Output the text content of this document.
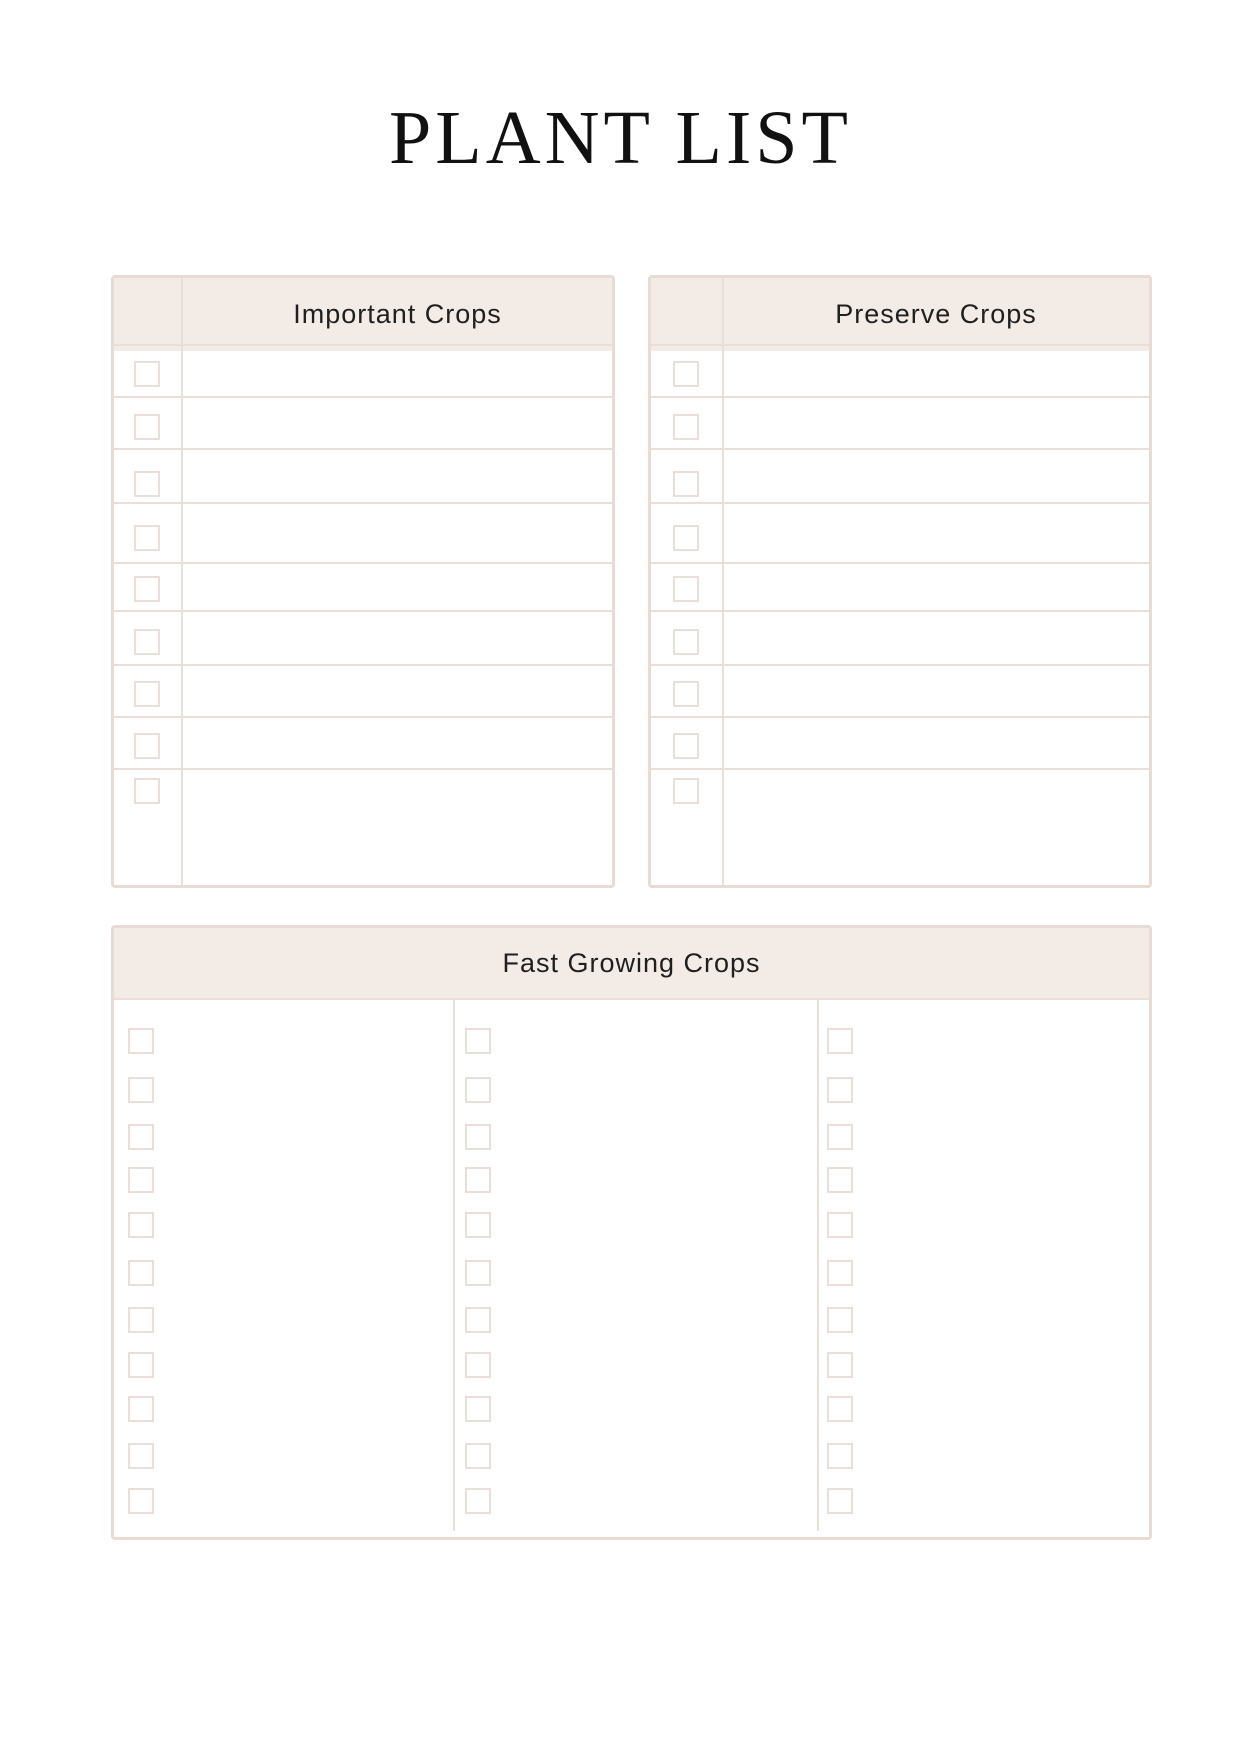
PLANT LIST
Important Crops	Preserve Crops
Fast Growing Crops
